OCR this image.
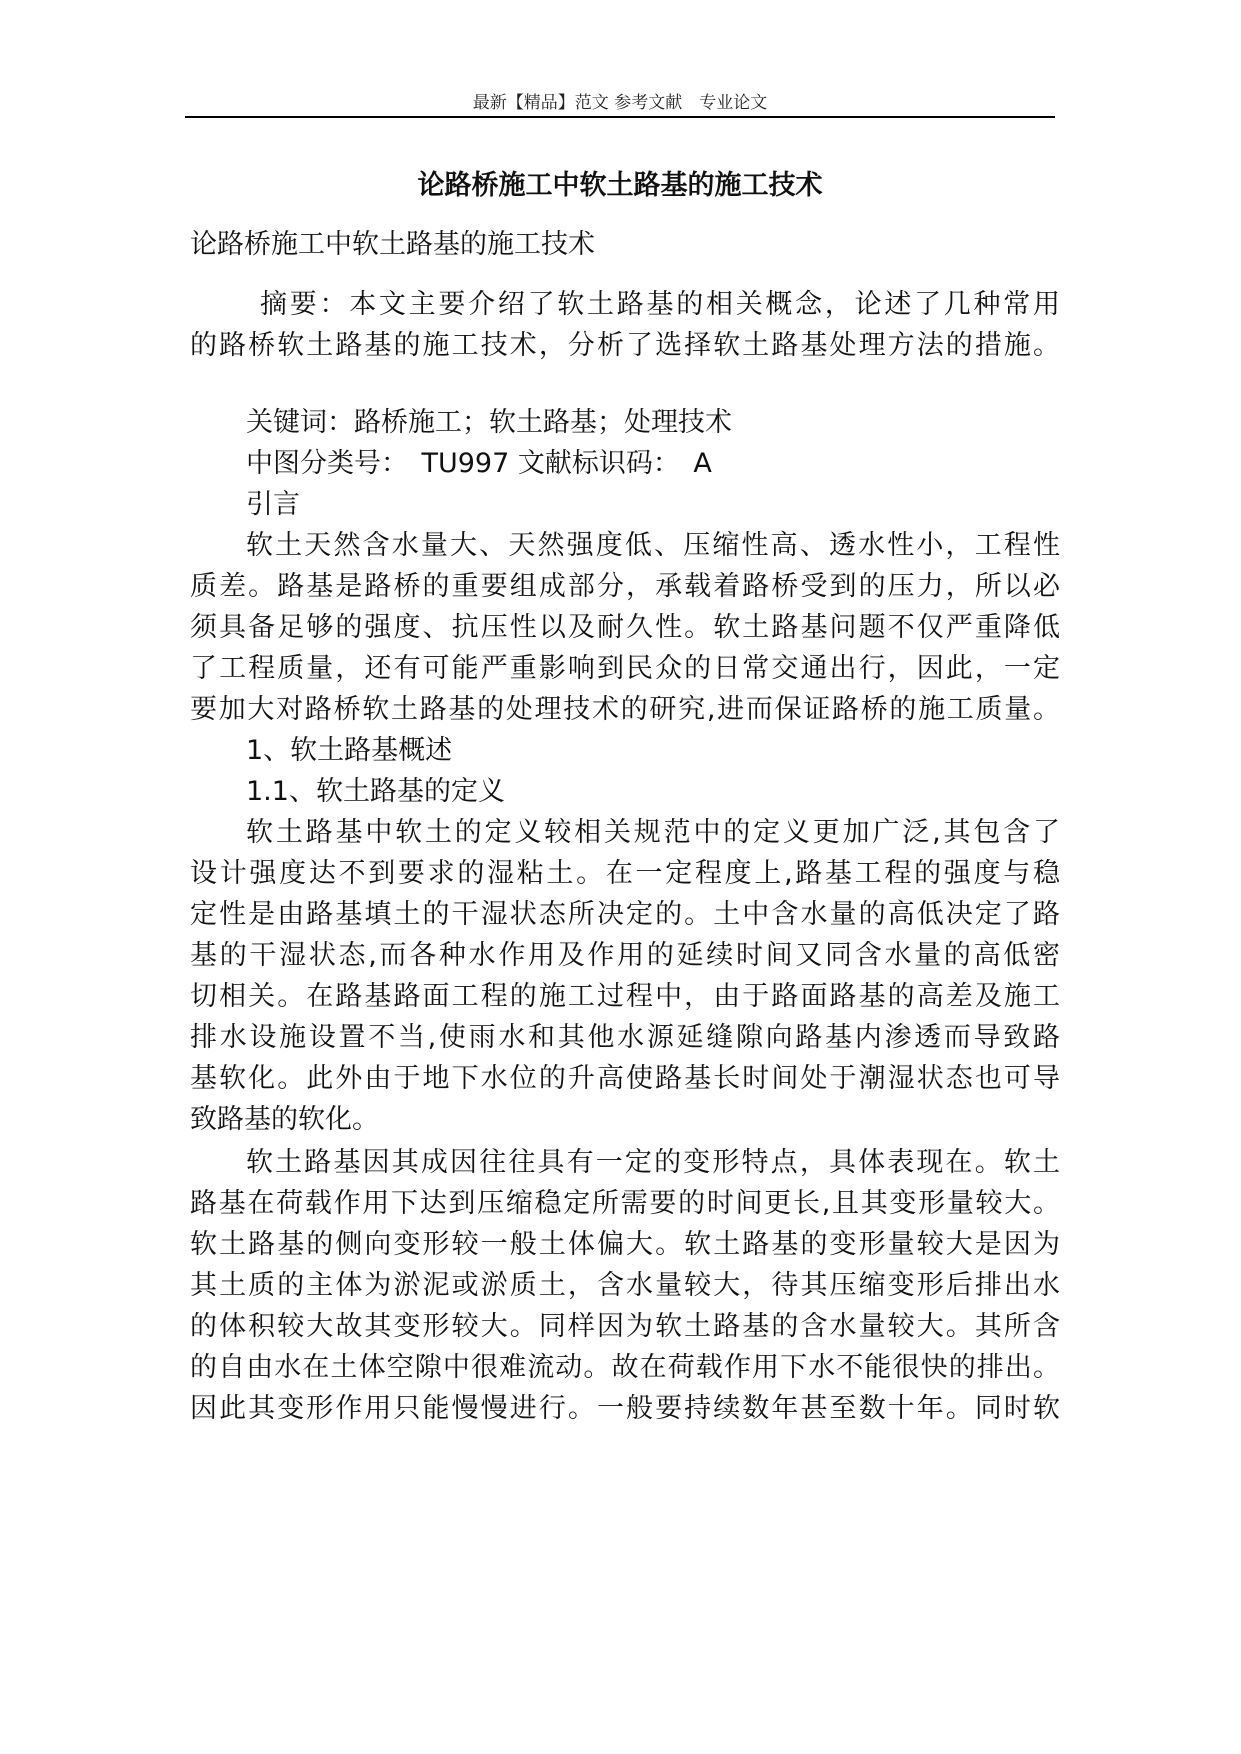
最新【精品】范文 参考文献　专业论文
论路桥施工中软土路基的施工技术
论路桥施工中软土路基的施工技术
摘要：本文主要介绍了软土路基的相关概念，论述了几种常用
的路桥软土路基的施工技术，分析了选择软土路基处理方法的措施。
关键词：路桥施工；软土路基；处理技术
中图分类号：　TU997 文献标识码：　A
引言
软土天然含水量大、天然强度低、压缩性高、透水性小，工程性
质差。路基是路桥的重要组成部分，承载着路桥受到的压力，所以必
须具备足够的强度、抗压性以及耐久性。软土路基问题不仅严重降低
了工程质量，还有可能严重影响到民众的日常交通出行，因此，一定
要加大对路桥软土路基的处理技术的研究,进而保证路桥的施工质量。
1、软土路基概述
1.1、软土路基的定义
软土路基中软土的定义较相关规范中的定义更加广泛,其包含了
设计强度达不到要求的湿粘土。在一定程度上,路基工程的强度与稳
定性是由路基填土的干湿状态所决定的。土中含水量的高低决定了路
基的干湿状态,而各种水作用及作用的延续时间又同含水量的高低密
切相关。在路基路面工程的施工过程中，由于路面路基的高差及施工
排水设施设置不当,使雨水和其他水源延缝隙向路基内渗透而导致路
基软化。此外由于地下水位的升高使路基长时间处于潮湿状态也可导
致路基的软化。
软土路基因其成因往往具有一定的变形特点，具体表现在。软土
路基在荷载作用下达到压缩稳定所需要的时间更长,且其变形量较大。
软土路基的侧向变形较一般土体偏大。软土路基的变形量较大是因为
其土质的主体为淤泥或淤质土，含水量较大，待其压缩变形后排出水
的体积较大故其变形较大。同样因为软土路基的含水量较大。其所含
的自由水在土体空隙中很难流动。故在荷载作用下水不能很快的排出。
因此其变形作用只能慢慢进行。一般要持续数年甚至数十年。同时软
